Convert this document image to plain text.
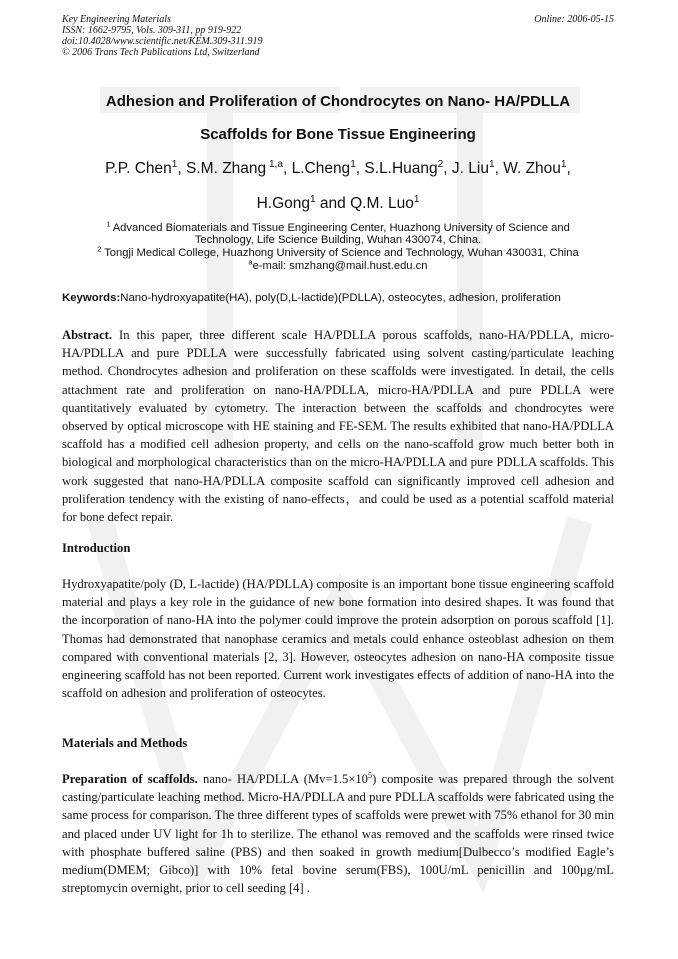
Key Engineering Materials
ISSN: 1662-9795, Vols. 309-311, pp 919-922
doi:10.4028/www.scientific.net/KEM.309-311.919
© 2006 Trans Tech Publications Ltd, Switzerland
Online: 2006-05-15
Adhesion and Proliferation of Chondrocytes on Nano- HA/PDLLA
Scaffolds for Bone Tissue Engineering
P.P. Chen$^1$, S.M. Zhang $^{1,a}$, L.Cheng$^1$, S.L.Huang$^2$, J. Liu$^1$, W. Zhou$^1$,
H.Gong$^1$ and Q.M. Luo$^1$
$^1$ Advanced Biomaterials and Tissue Engineering Center, Huazhong University of Science and
Technology, Life Science Building, Wuhan 430074, China.
$^2$ Tongji Medical College, Huazhong University of Science and Technology, Wuhan 430031, China
$^a$e-mail: smzhang@mail.hust.edu.cn
Keywords:Nano-hydroxyapatite(HA), poly(D,L-lactide)(PDLLA), osteocytes, adhesion, proliferation
Abstract. In this paper, three different scale HA/PDLLA porous scaffolds, nano-HA/PDLLA, micro-HA/PDLLA and pure PDLLA were successfully fabricated using solvent casting/particulate leaching method. Chondrocytes adhesion and proliferation on these scaffolds were investigated. In detail, the cells attachment rate and proliferation on nano-HA/PDLLA, micro-HA/PDLLA and pure PDLLA were quantitatively evaluated by cytometry. The interaction between the scaffolds and chondrocytes were observed by optical microscope with HE staining and FE-SEM. The results exhibited that nano-HA/PDLLA scaffold has a modified cell adhesion property, and cells on the nano-scaffold grow much better both in biological and morphological characteristics than on the micro-HA/PDLLA and pure PDLLA scaffolds. This work suggested that nano-HA/PDLLA composite scaffold can significantly improved cell adhesion and proliferation tendency with the existing of nano-effects，and could be used as a potential scaffold material for bone defect repair.
Introduction
Hydroxyapatite/poly (D, L-lactide) (HA/PDLLA) composite is an important bone tissue engineering scaffold material and plays a key role in the guidance of new bone formation into desired shapes. It was found that the incorporation of nano-HA into the polymer could improve the protein adsorption on porous scaffold [1]. Thomas had demonstrated that nanophase ceramics and metals could enhance osteoblast adhesion on them compared with conventional materials [2, 3]. However, osteocytes adhesion on nano-HA composite tissue engineering scaffold has not been reported. Current work investigates effects of addition of nano-HA into the scaffold on adhesion and proliferation of osteocytes.
Materials and Methods
Preparation of scaffolds. nano- HA/PDLLA $(Mv=1.5\times 10^5)$ composite was prepared through the solvent casting/particulate leaching method. Micro-HA/PDLLA and pure PDLLA scaffolds were fabricated using the same process for comparison. The three different types of scaffolds were prewet with 75% ethanol for 30 min and placed under UV light for 1h to sterilize. The ethanol was removed and the scaffolds were rinsed twice with phosphate buffered saline (PBS) and then soaked in growth medium[Dulbecco’s modified Eagle’s medium(DMEM; Gibco)] with 10% fetal bovine serum(FBS), 100U/mL penicillin and 100μg/mL streptomycin overnight, prior to cell seeding [4] .
